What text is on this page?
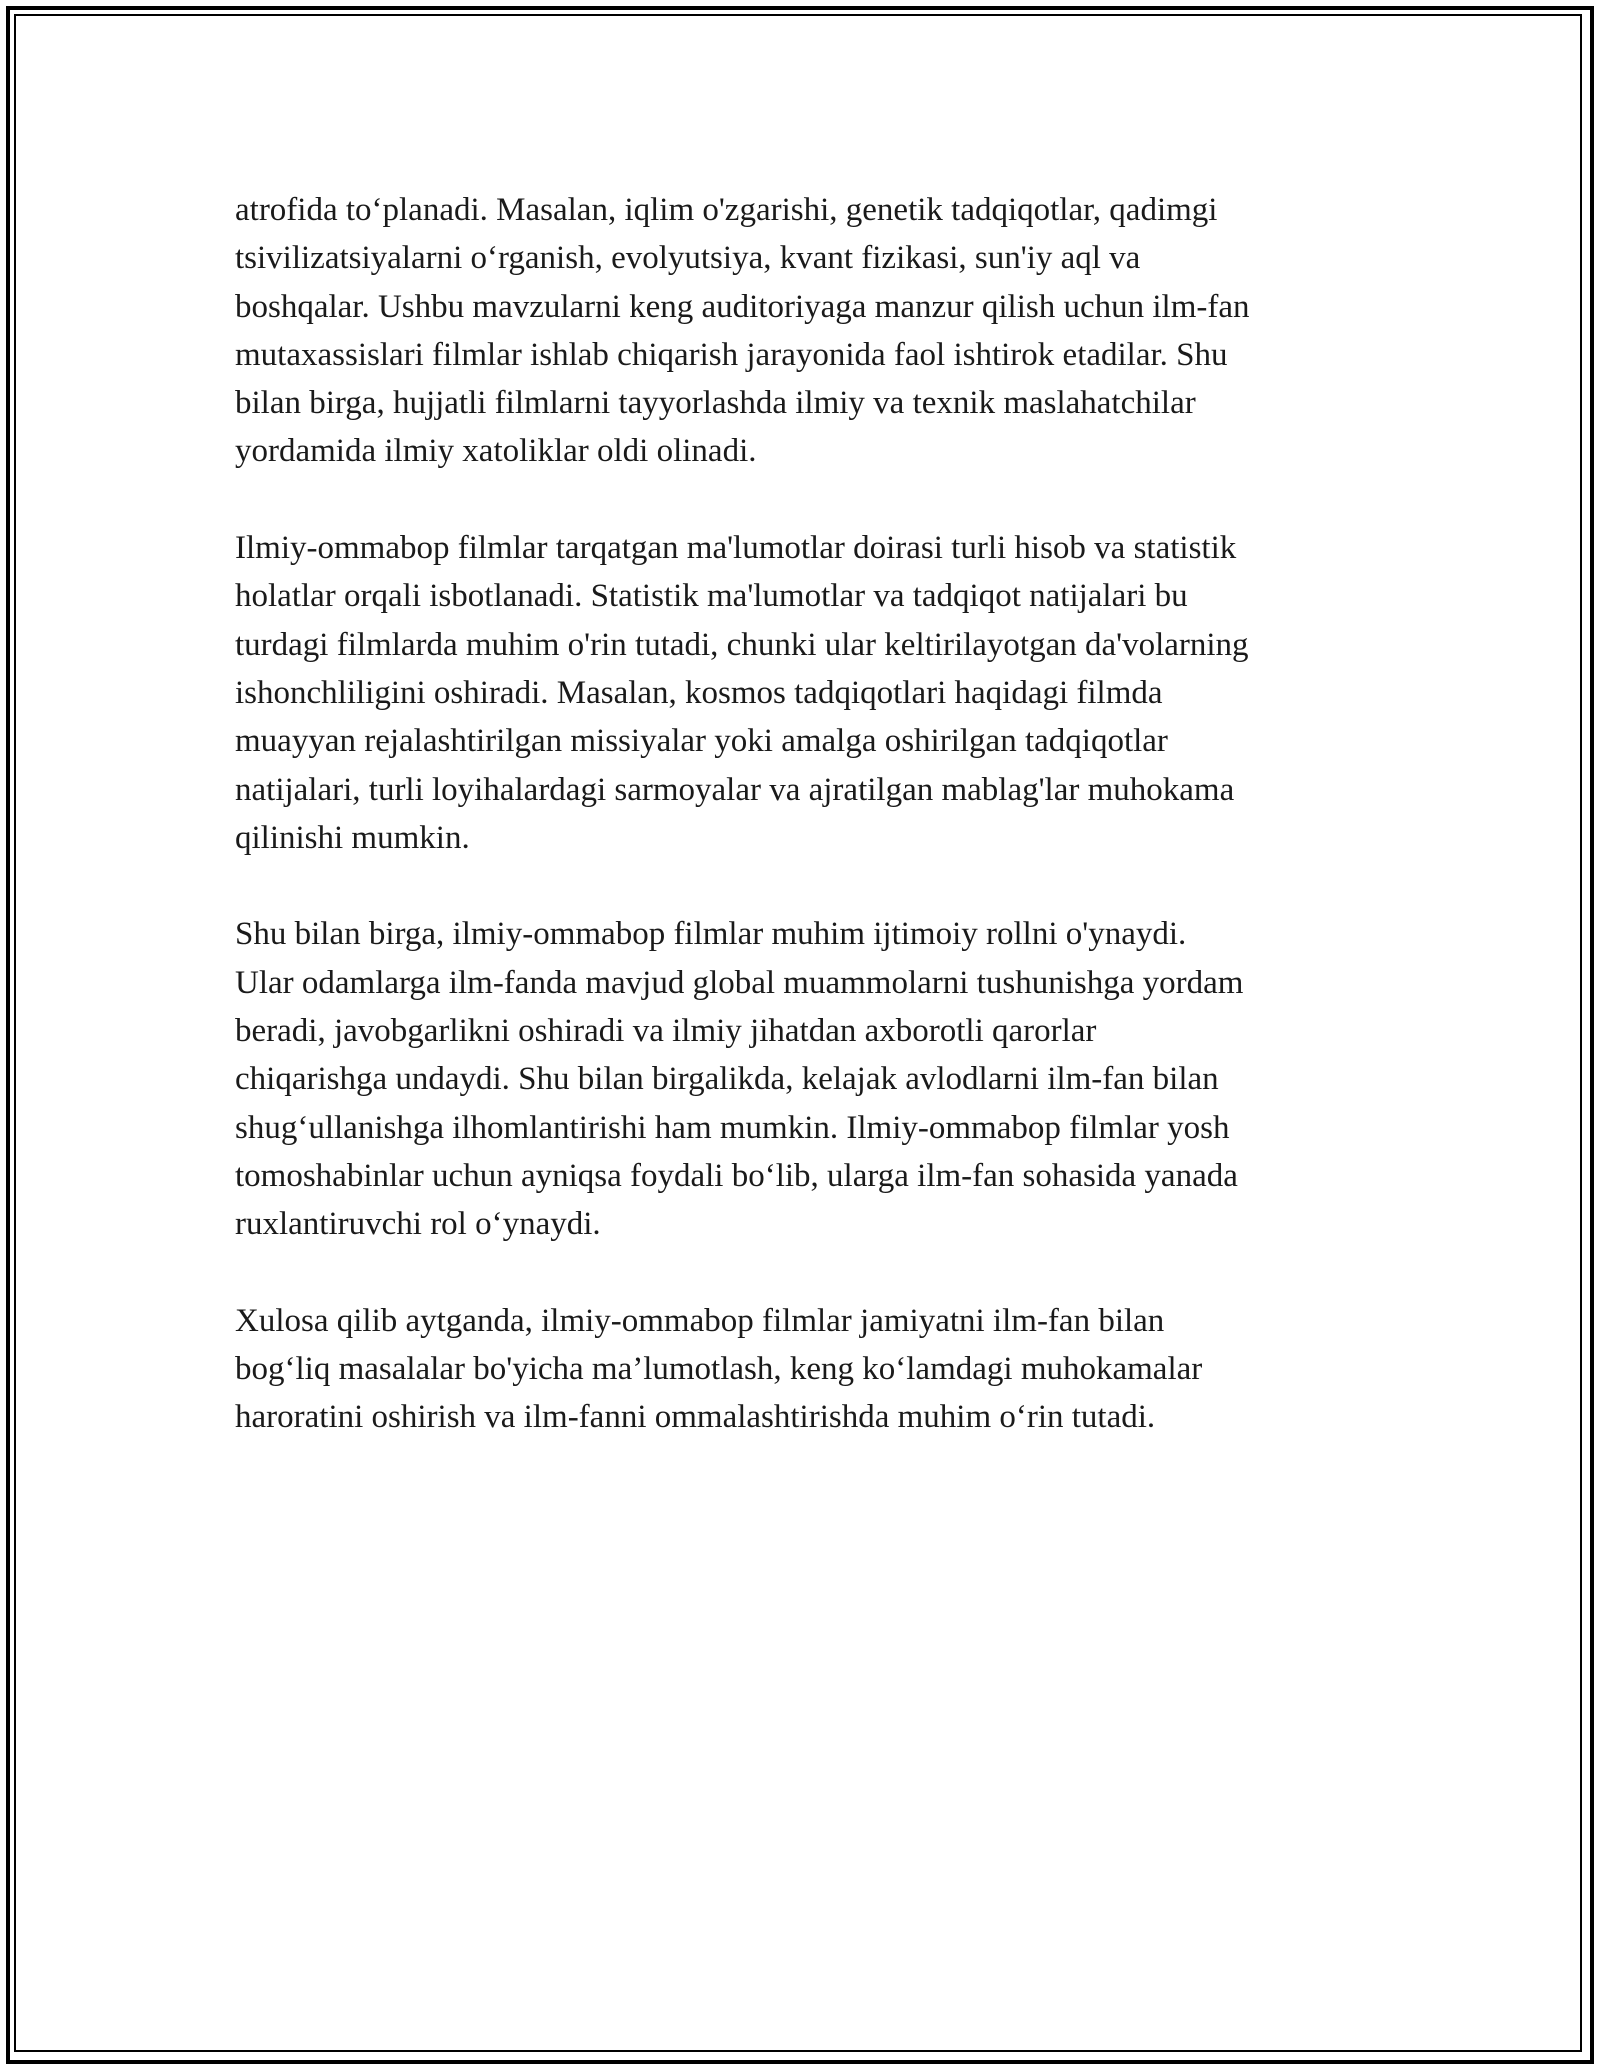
atrofida to‘planadi. Masalan, iqlim o'zgarishi, genetik tadqiqotlar, qadimgi
tsivilizatsiyalarni o‘rganish, evolyutsiya, kvant fizikasi, sun'iy aql va
boshqalar. Ushbu mavzularni keng auditoriyaga manzur qilish uchun ilm-fan
mutaxassislari filmlar ishlab chiqarish jarayonida faol ishtirok etadilar. Shu
bilan birga, hujjatli filmlarni tayyorlashda ilmiy va texnik maslahatchilar
yordamida ilmiy xatoliklar oldi olinadi.
Ilmiy-ommabop filmlar tarqatgan ma'lumotlar doirasi turli hisob va statistik
holatlar orqali isbotlanadi. Statistik ma'lumotlar va tadqiqot natijalari bu
turdagi filmlarda muhim o'rin tutadi, chunki ular keltirilayotgan da'volarning
ishonchliligini oshiradi. Masalan, kosmos tadqiqotlari haqidagi filmda
muayyan rejalashtirilgan missiyalar yoki amalga oshirilgan tadqiqotlar
natijalari, turli loyihalardagi sarmoyalar va ajratilgan mablag'lar muhokama
qilinishi mumkin.
Shu bilan birga, ilmiy-ommabop filmlar muhim ijtimoiy rollni o'ynaydi.
Ular odamlarga ilm-fanda mavjud global muammolarni tushunishga yordam
beradi, javobgarlikni oshiradi va ilmiy jihatdan axborotli qarorlar
chiqarishga undaydi. Shu bilan birgalikda, kelajak avlodlarni ilm-fan bilan
shug‘ullanishga ilhomlantirishi ham mumkin. Ilmiy-ommabop filmlar yosh
tomoshabinlar uchun ayniqsa foydali bo‘lib, ularga ilm-fan sohasida yanada
ruxlantiruvchi rol o‘ynaydi.
Xulosa qilib aytganda, ilmiy-ommabop filmlar jamiyatni ilm-fan bilan
bog‘liq masalalar bo'yicha ma’lumotlash, keng ko‘lamdagi muhokamalar
haroratini oshirish va ilm-fanni ommalashtirishda muhim o‘rin tutadi.
